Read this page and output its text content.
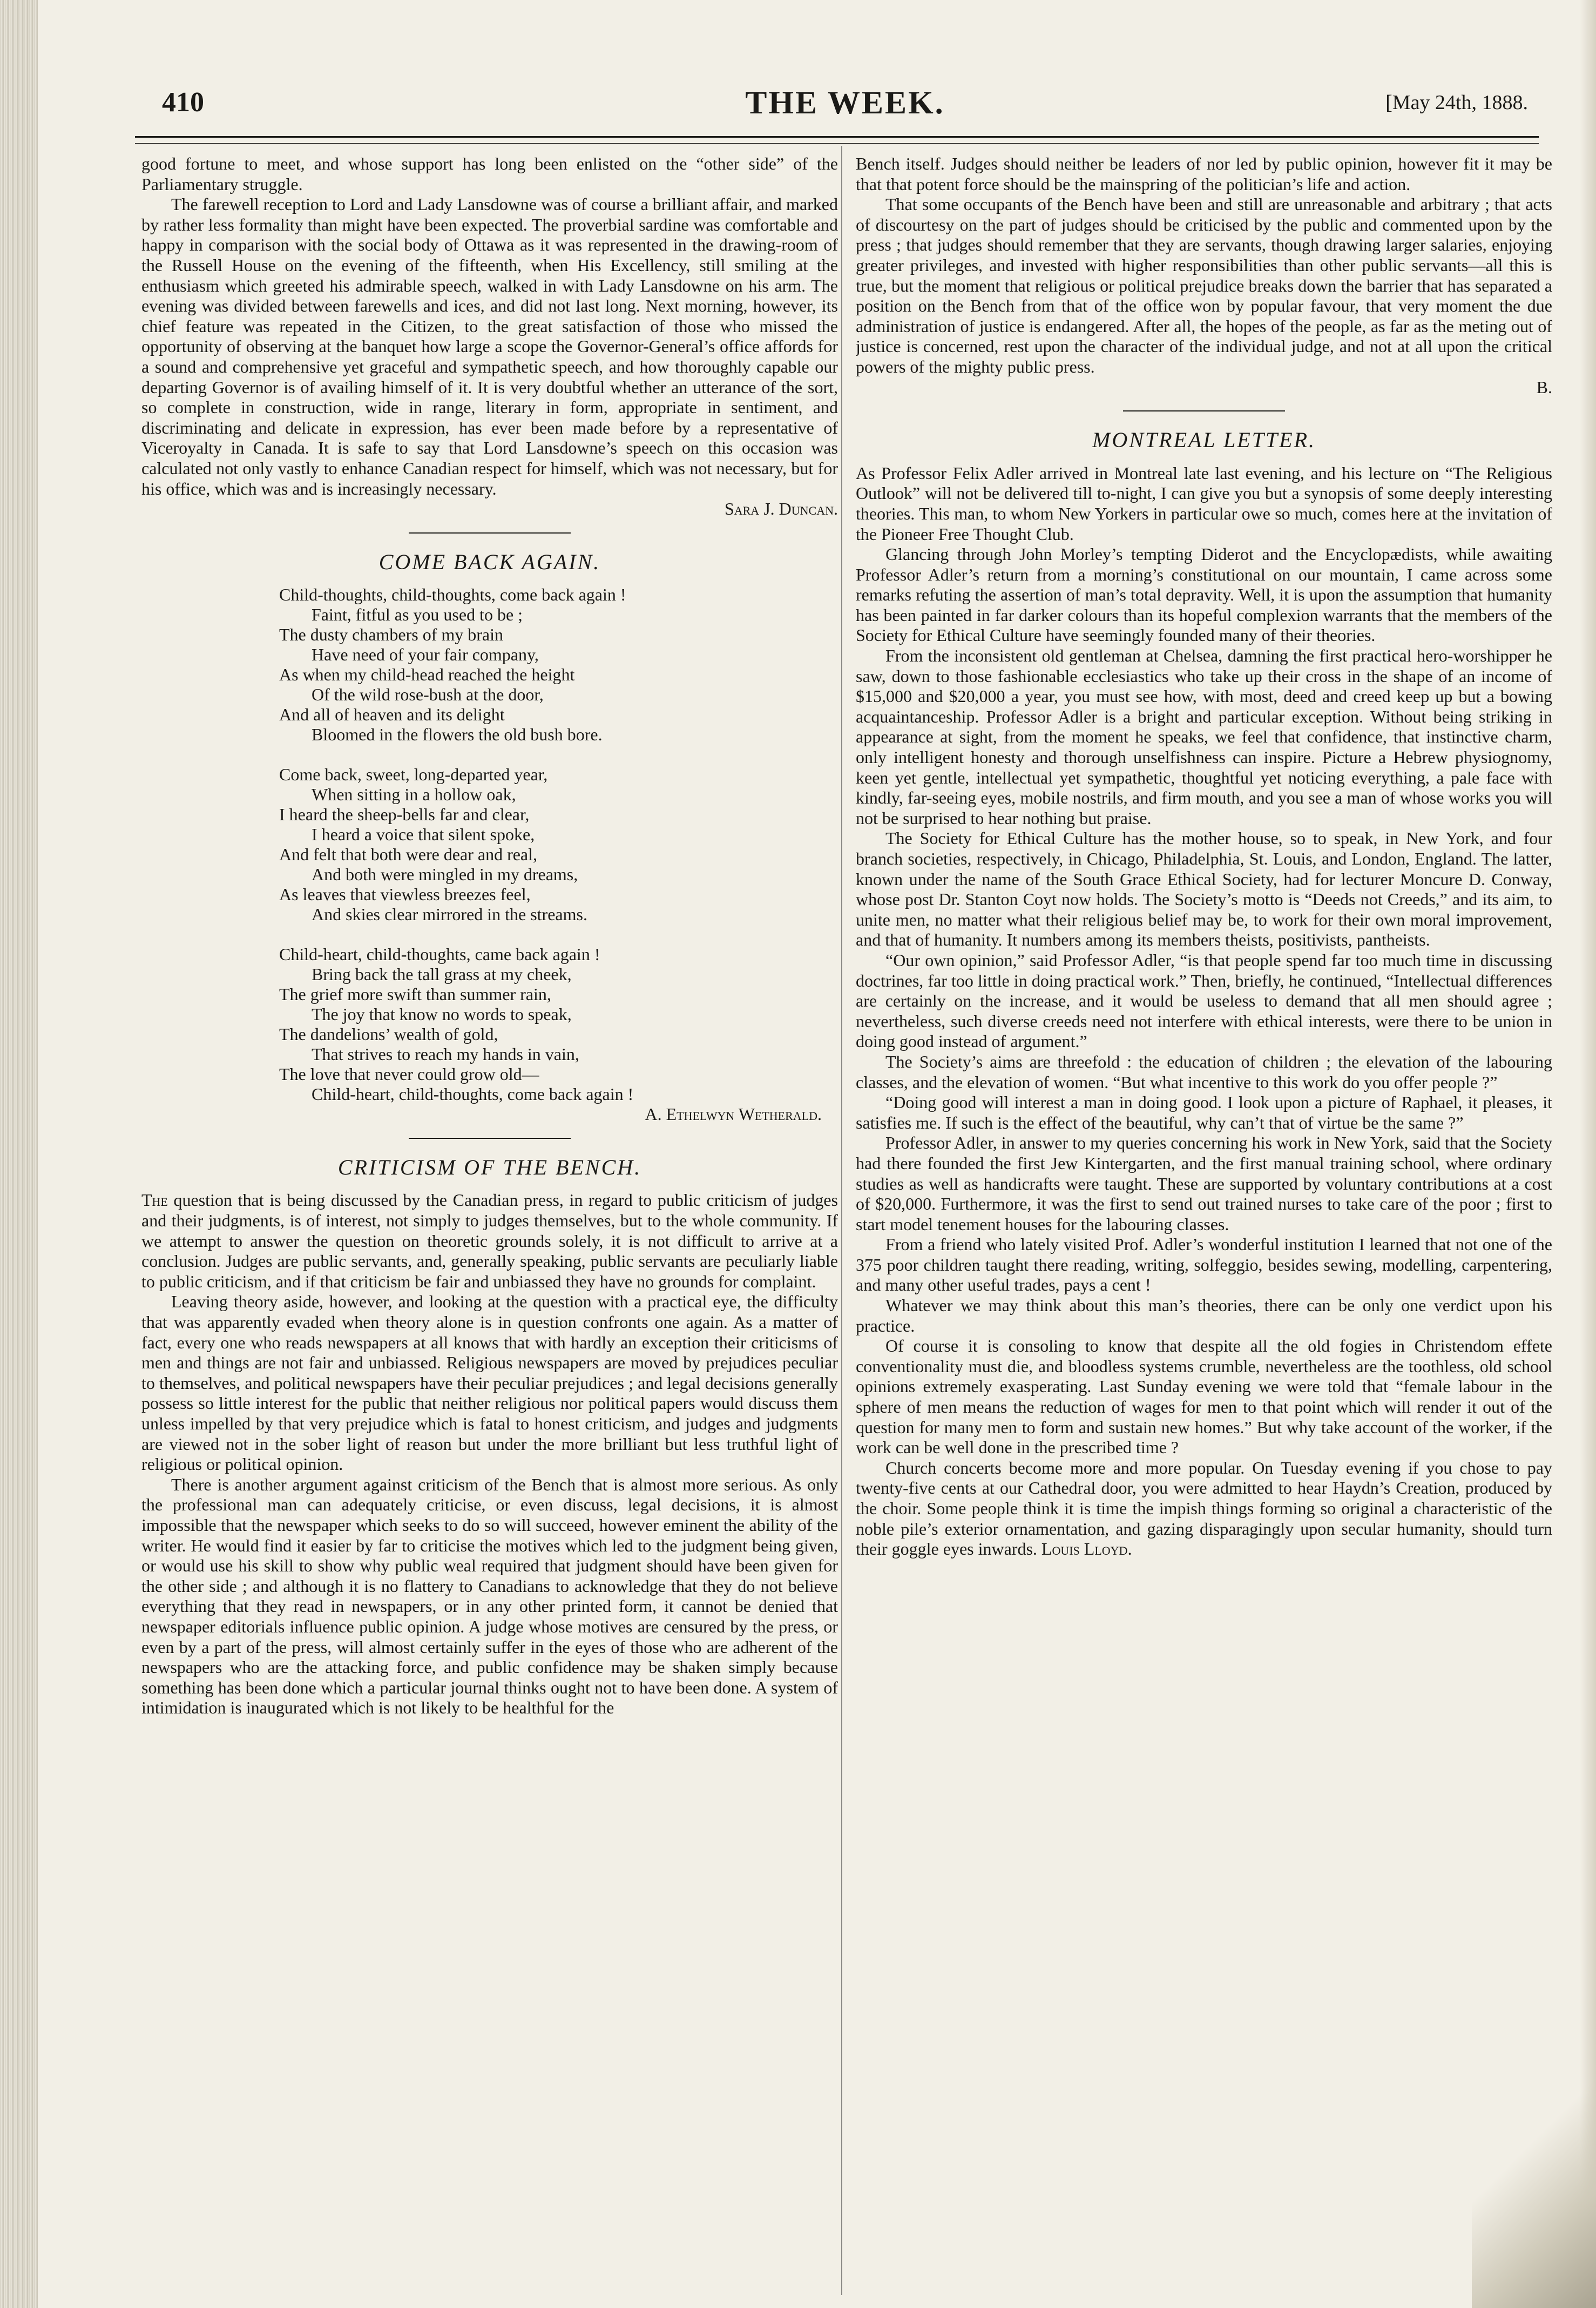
410	THE WEEK.	[May 24th, 1888.

good fortune to meet, and whose support has long been enlisted on the “other side” of the Parliamentary struggle.

The farewell reception to Lord and Lady Lansdowne was of course a brilliant affair, and marked by rather less formality than might have been expected. The proverbial sardine was comfortable and happy in comparison with the social body of Ottawa as it was represented in the drawing-room of the Russell House on the evening of the fifteenth, when His Excellency, still smiling at the enthusiasm which greeted his admirable speech, walked in with Lady Lansdowne on his arm. The evening was divided between farewells and ices, and did not last long. Next morning, however, its chief feature was repeated in the Citizen, to the great satisfaction of those who missed the opportunity of observing at the banquet how large a scope the Governor-General’s office affords for a sound and comprehensive yet graceful and sympathetic speech, and how thoroughly capable our departing Governor is of availing himself of it. It is very doubtful whether an utterance of the sort, so complete in construction, wide in range, literary in form, appropriate in sentiment, and discriminating and delicate in expression, has ever been made before by a representative of Viceroyalty in Canada. It is safe to say that Lord Lansdowne’s speech on this occasion was calculated not only vastly to enhance Canadian respect for himself, which was not necessary, but for his office, which was and is increasingly necessary.

Sara J. Duncan.

COME BACK AGAIN.
Child-thoughts, child-thoughts, come back again !
Faint, fitful as you used to be ;
The dusty chambers of my brain
Have need of your fair company,
As when my child-head reached the height
Of the wild rose-bush at the door,
And all of heaven and its delight
Bloomed in the flowers the old bush bore.
Come back, sweet, long-departed year,
When sitting in a hollow oak,
I heard the sheep-bells far and clear,
I heard a voice that silent spoke,
And felt that both were dear and real,
And both were mingled in my dreams,
As leaves that viewless breezes feel,
And skies clear mirrored in the streams.
Child-heart, child-thoughts, came back again !
Bring back the tall grass at my cheek,
The grief more swift than summer rain,
The joy that know no words to speak,
The dandelions’ wealth of gold,
That strives to reach my hands in vain,
The love that never could grow old—
Child-heart, child-thoughts, come back again !

A. Ethelwyn Wetherald.

CRITICISM OF THE BENCH.

The question that is being discussed by the Canadian press, in regard to public criticism of judges and their judgments, is of interest, not simply to judges themselves, but to the whole community. If we attempt to answer the question on theoretic grounds solely, it is not difficult to arrive at a conclusion. Judges are public servants, and, generally speaking, public servants are peculiarly liable to public criticism, and if that criticism be fair and unbiassed they have no grounds for complaint.

Leaving theory aside, however, and looking at the question with a practical eye, the difficulty that was apparently evaded when theory alone is in question confronts one again. As a matter of fact, every one who reads newspapers at all knows that with hardly an exception their criticisms of men and things are not fair and unbiassed. Religious newspapers are moved by prejudices peculiar to themselves, and political newspapers have their peculiar prejudices ; and legal decisions generally possess so little interest for the public that neither religious nor political papers would discuss them unless impelled by that very prejudice which is fatal to honest criticism, and judges and judgments are viewed not in the sober light of reason but under the more brilliant but less truthful light of religious or political opinion.

There is another argument against criticism of the Bench that is almost more serious. As only the professional man can adequately criticise, or even discuss, legal decisions, it is almost impossible that the newspaper which seeks to do so will succeed, however eminent the ability of the writer. He would find it easier by far to criticise the motives which led to the judgment being given, or would use his skill to show why public weal required that judgment should have been given for the other side ; and although it is no flattery to Canadians to acknowledge that they do not believe everything that they read in newspapers, or in any other printed form, it cannot be denied that newspaper editorials influence public opinion. A judge whose motives are censured by the press, or even by a part of the press, will almost certainly suffer in the eyes of those who are adherent of the newspapers who are the attacking force, and public confidence may be shaken simply because something has been done which a particular journal thinks ought not to have been done. A system of intimidation is inaugurated which is not likely to be healthful for the

Bench itself. Judges should neither be leaders of nor led by public opinion, however fit it may be that that potent force should be the mainspring of the politician’s life and action.

That some occupants of the Bench have been and still are unreasonable and arbitrary ; that acts of discourtesy on the part of judges should be criticised by the public and commented upon by the press ; that judges should remember that they are servants, though drawing larger salaries, enjoying greater privileges, and invested with higher responsibilities than other public servants—all this is true, but the moment that religious or political prejudice breaks down the barrier that has separated a position on the Bench from that of the office won by popular favour, that very moment the due administration of justice is endangered. After all, the hopes of the people, as far as the meting out of justice is concerned, rest upon the character of the individual judge, and not at all upon the critical powers of the mighty public press.

B.

MONTREAL LETTER.

As Professor Felix Adler arrived in Montreal late last evening, and his lecture on “The Religious Outlook” will not be delivered till to-night, I can give you but a synopsis of some deeply interesting theories. This man, to whom New Yorkers in particular owe so much, comes here at the invitation of the Pioneer Free Thought Club.

Glancing through John Morley’s tempting Diderot and the Encyclopædists, while awaiting Professor Adler’s return from a morning’s constitutional on our mountain, I came across some remarks refuting the assertion of man’s total depravity. Well, it is upon the assumption that humanity has been painted in far darker colours than its hopeful complexion warrants that the members of the Society for Ethical Culture have seemingly founded many of their theories.

From the inconsistent old gentleman at Chelsea, damning the first practical hero-worshipper he saw, down to those fashionable ecclesiastics who take up their cross in the shape of an income of $15,000 and $20,000 a year, you must see how, with most, deed and creed keep up but a bowing acquaintanceship. Professor Adler is a bright and particular exception. Without being striking in appearance at sight, from the moment he speaks, we feel that confidence, that instinctive charm, only intelligent honesty and thorough unselfishness can inspire. Picture a Hebrew physiognomy, keen yet gentle, intellectual yet sympathetic, thoughtful yet noticing everything, a pale face with kindly, far-seeing eyes, mobile nostrils, and firm mouth, and you see a man of whose works you will not be surprised to hear nothing but praise.

The Society for Ethical Culture has the mother house, so to speak, in New York, and four branch societies, respectively, in Chicago, Philadelphia, St. Louis, and London, England. The latter, known under the name of the South Grace Ethical Society, had for lecturer Moncure D. Conway, whose post Dr. Stanton Coyt now holds. The Society’s motto is “Deeds not Creeds,” and its aim, to unite men, no matter what their religious belief may be, to work for their own moral improvement, and that of humanity. It numbers among its members theists, positivists, pantheists.

“Our own opinion,” said Professor Adler, “is that people spend far too much time in discussing doctrines, far too little in doing practical work.” Then, briefly, he continued, “Intellectual differences are certainly on the increase, and it would be useless to demand that all men should agree ; nevertheless, such diverse creeds need not interfere with ethical interests, were there to be union in doing good instead of argument.”

The Society’s aims are threefold : the education of children ; the elevation of the labouring classes, and the elevation of women. “But what incentive to this work do you offer people ?”

“Doing good will interest a man in doing good. I look upon a picture of Raphael, it pleases, it satisfies me. If such is the effect of the beautiful, why can’t that of virtue be the same ?”

Professor Adler, in answer to my queries concerning his work in New York, said that the Society had there founded the first Jew Kintergarten, and the first manual training school, where ordinary studies as well as handicrafts were taught. These are supported by voluntary contributions at a cost of $20,000. Furthermore, it was the first to send out trained nurses to take care of the poor ; first to start model tenement houses for the labouring classes.

From a friend who lately visited Prof. Adler’s wonderful institution I learned that not one of the 375 poor children taught there reading, writing, solfeggio, besides sewing, modelling, carpentering, and many other useful trades, pays a cent !

Whatever we may think about this man’s theories, there can be only one verdict upon his practice.

Of course it is consoling to know that despite all the old fogies in Christendom effete conventionality must die, and bloodless systems crumble, nevertheless are the toothless, old school opinions extremely exasperating. Last Sunday evening we were told that “female labour in the sphere of men means the reduction of wages for men to that point which will render it out of the question for many men to form and sustain new homes.” But why take account of the worker, if the work can be well done in the prescribed time ?

Church concerts become more and more popular. On Tuesday evening if you chose to pay twenty-five cents at our Cathedral door, you were admitted to hear Haydn’s Creation, produced by the choir. Some people think it is time the impish things forming so original a characteristic of the noble pile’s exterior ornamentation, and gazing disparagingly upon secular humanity, should turn their goggle eyes inwards. Louis Lloyd.
